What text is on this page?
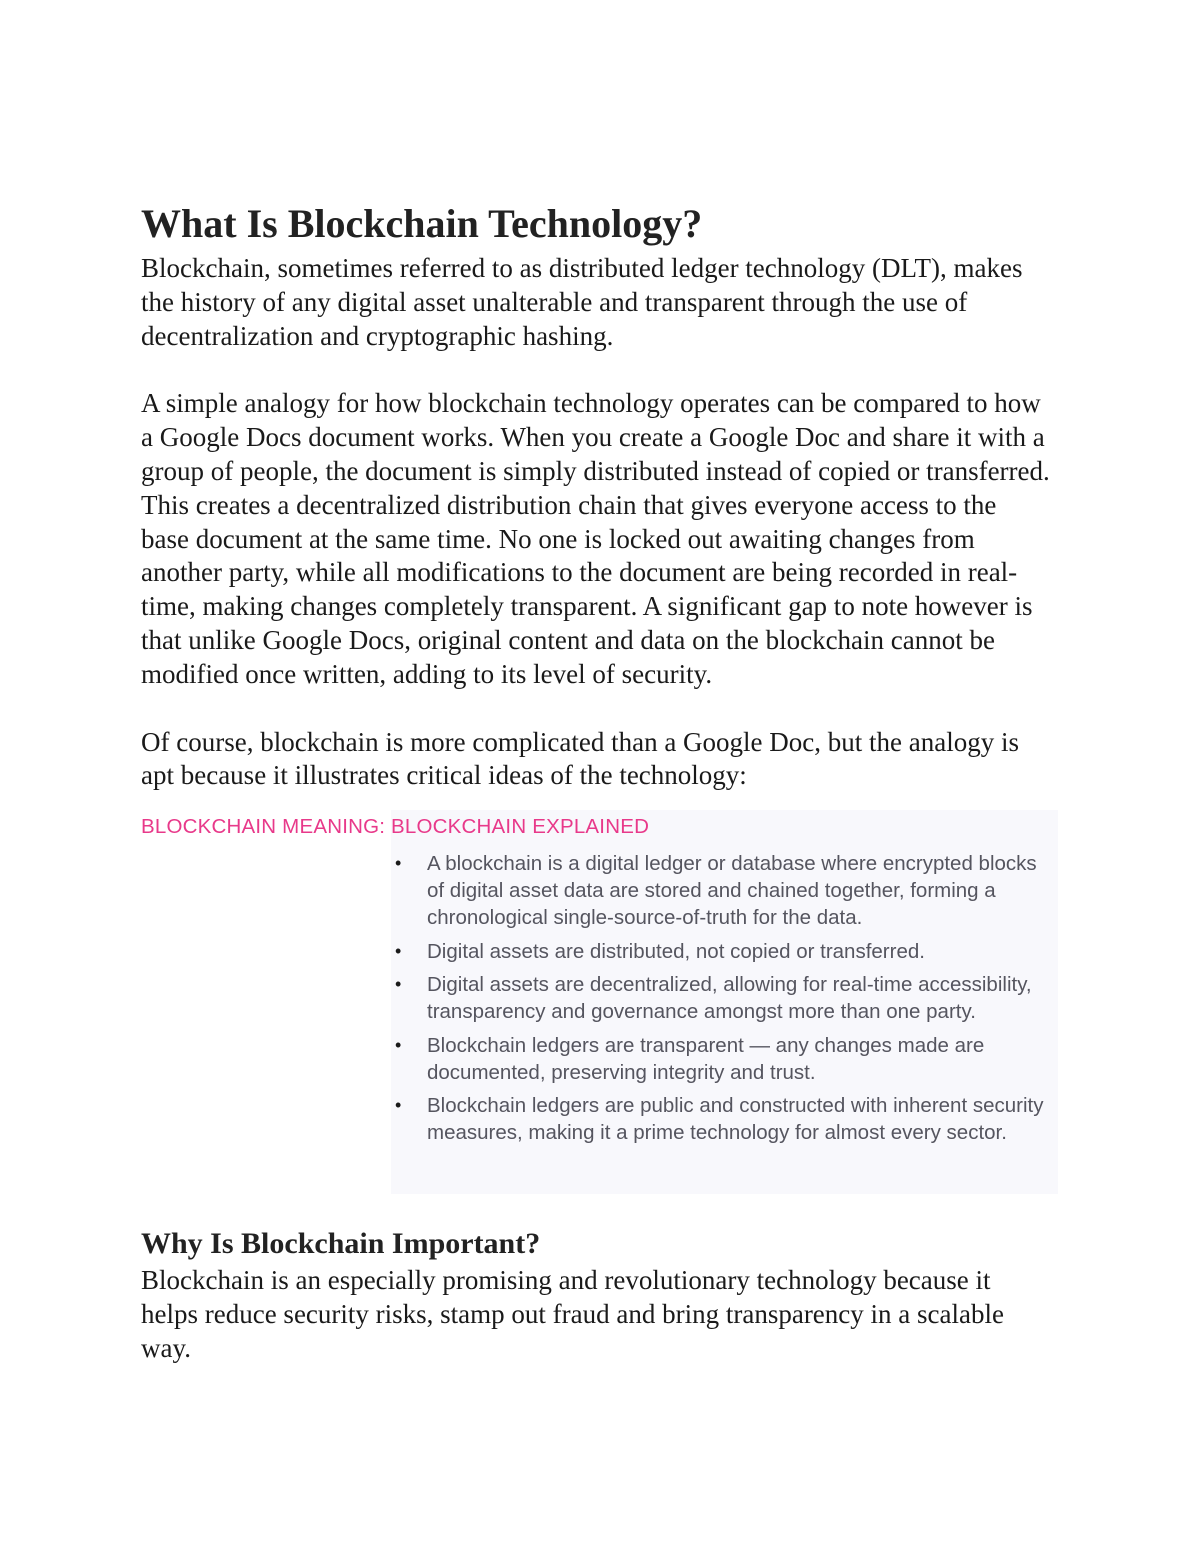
What Is Blockchain Technology?

Blockchain, sometimes referred to as distributed ledger technology (DLT), makes the history of any digital asset unalterable and transparent through the use of decentralization and cryptographic hashing.

A simple analogy for how blockchain technology operates can be compared to how a Google Docs document works. When you create a Google Doc and share it with a group of people, the document is simply distributed instead of copied or transferred. This creates a decentralized distribution chain that gives everyone access to the base document at the same time. No one is locked out awaiting changes from another party, while all modifications to the document are being recorded in real-time, making changes completely transparent. A significant gap to note however is that unlike Google Docs, original content and data on the blockchain cannot be modified once written, adding to its level of security.

Of course, blockchain is more complicated than a Google Doc, but the analogy is apt because it illustrates critical ideas of the technology:

BLOCKCHAIN MEANING: BLOCKCHAIN EXPLAINED
• A blockchain is a digital ledger or database where encrypted blocks of digital asset data are stored and chained together, forming a chronological single-source-of-truth for the data.
• Digital assets are distributed, not copied or transferred.
• Digital assets are decentralized, allowing for real-time accessibility, transparency and governance amongst more than one party.
• Blockchain ledgers are transparent — any changes made are documented, preserving integrity and trust.
• Blockchain ledgers are public and constructed with inherent security measures, making it a prime technology for almost every sector.
Why Is Blockchain Important?

Blockchain is an especially promising and revolutionary technology because it helps reduce security risks, stamp out fraud and bring transparency in a scalable way.
